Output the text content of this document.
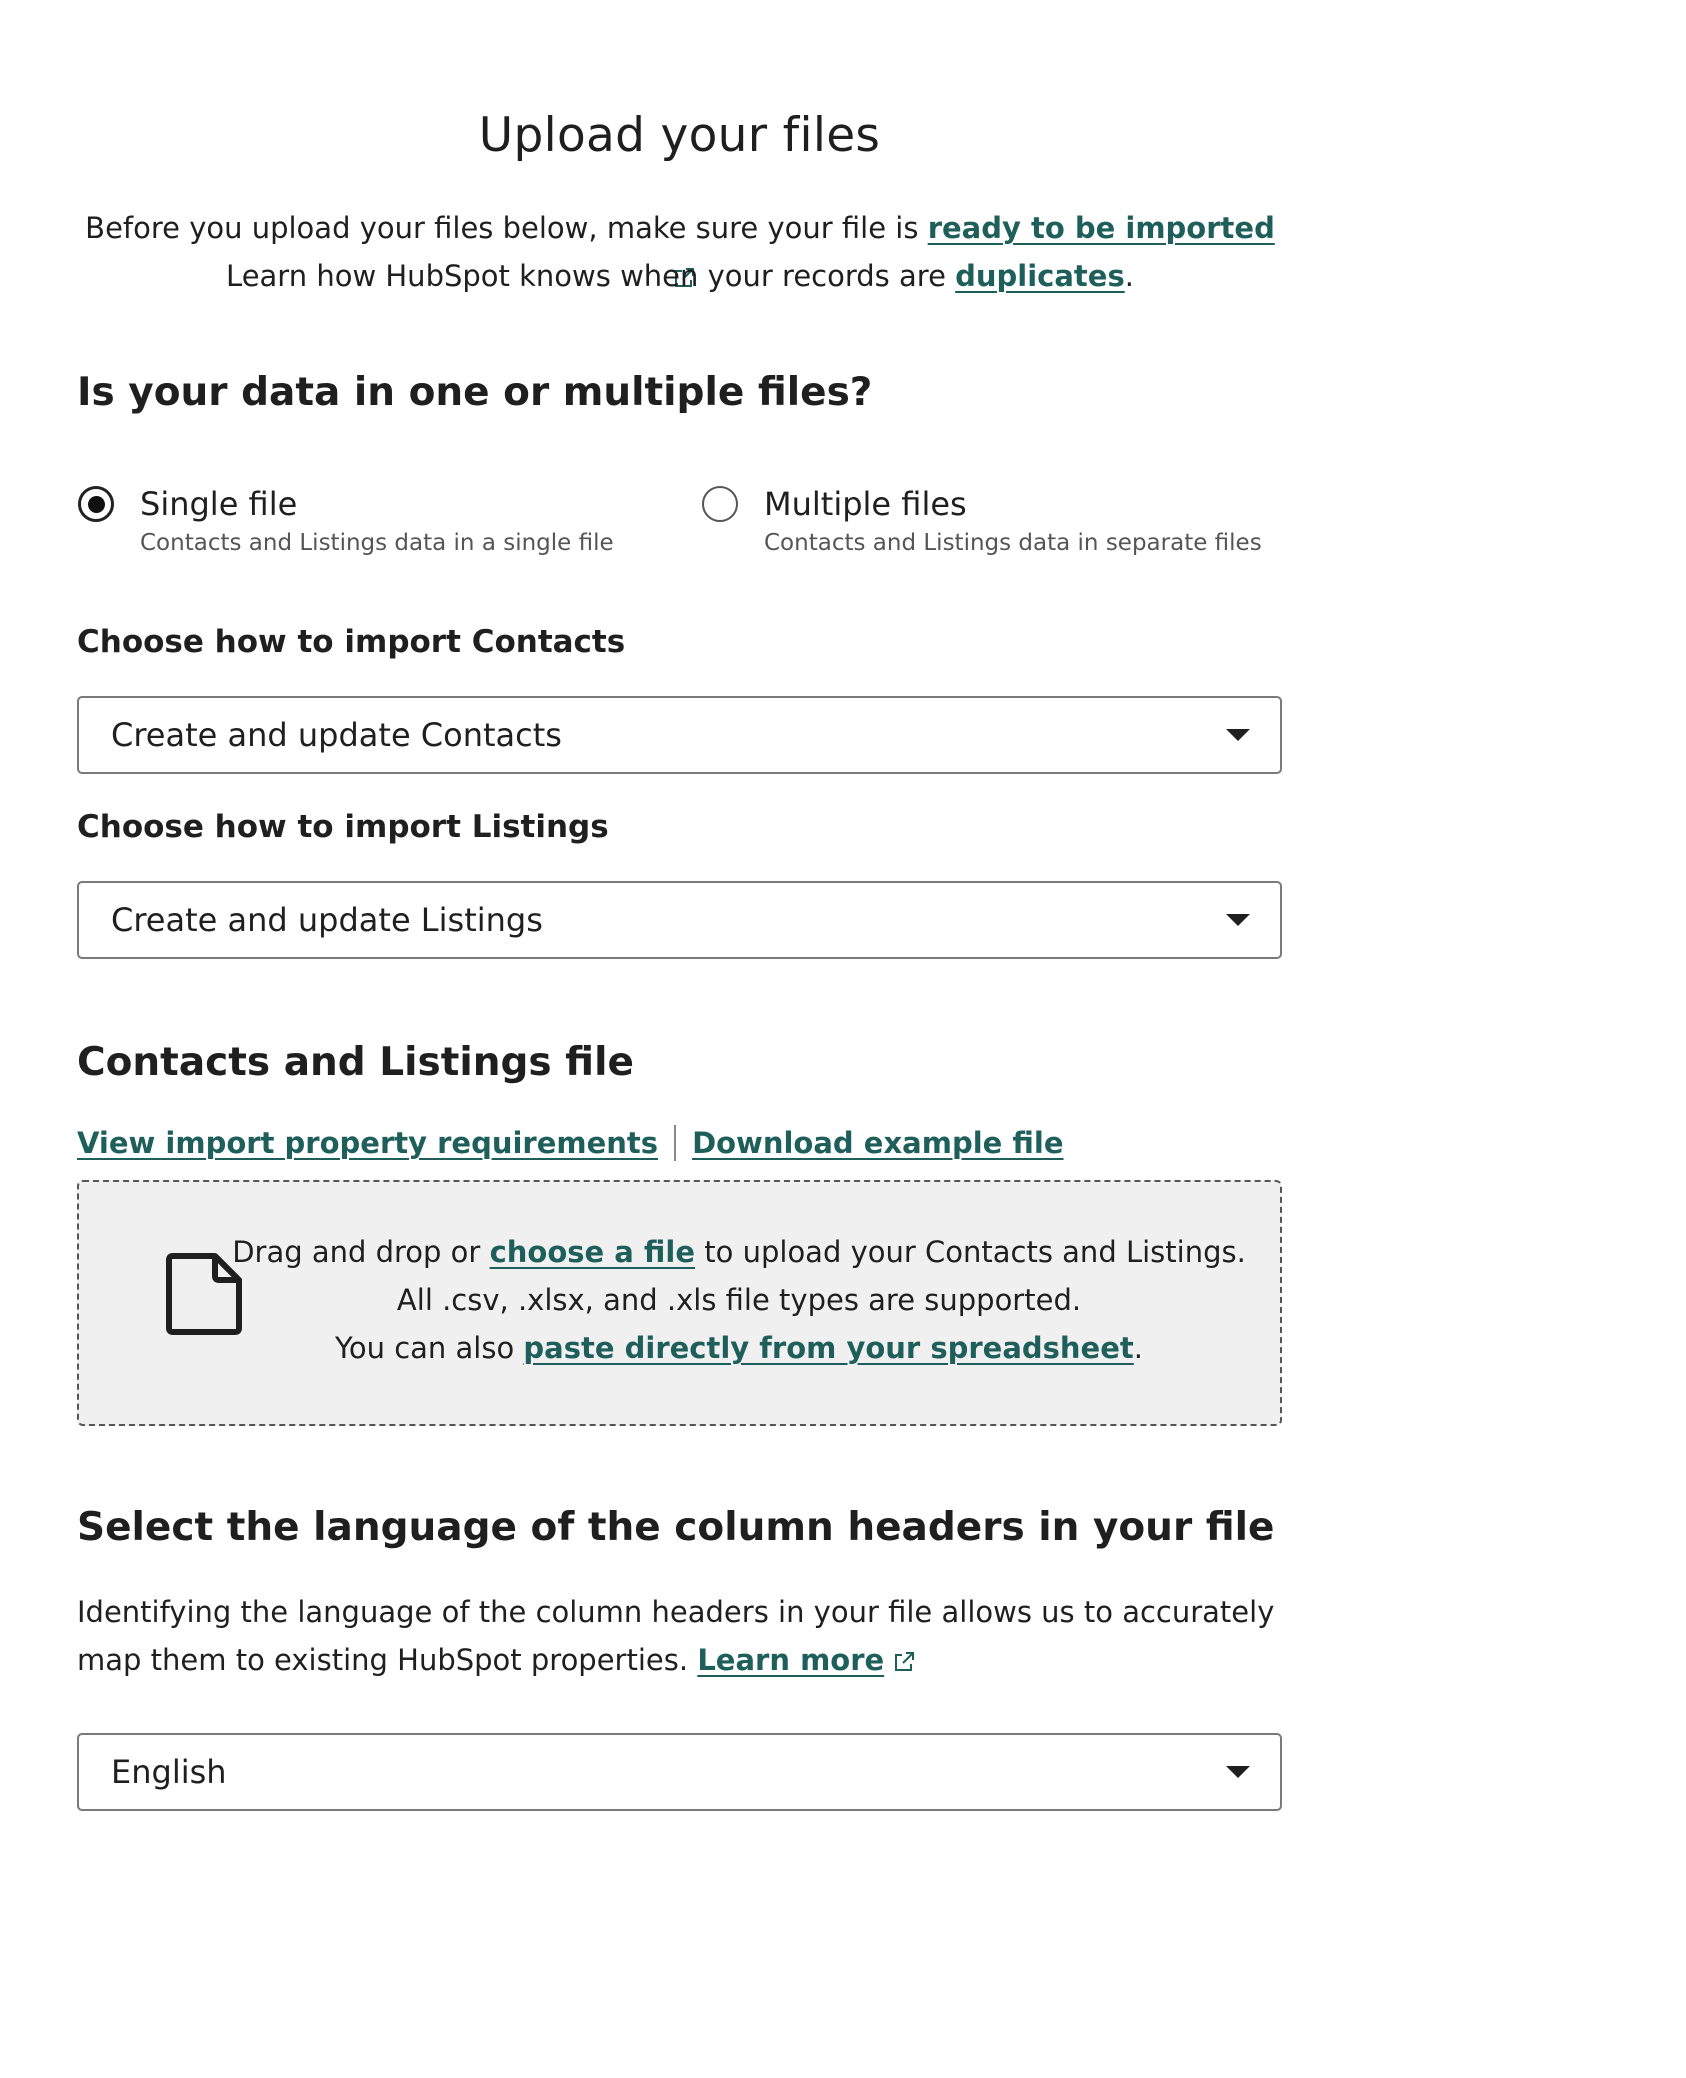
Upload your files
Before you upload your files below, make sure your file is ready to be imported
Learn how HubSpot knows when your records are duplicates.
Is your data in one or multiple files?
Single file
Contacts and Listings data in a single file
Multiple files
Contacts and Listings data in separate files
Choose how to import Contacts
Create and update Contacts
Choose how to import Listings
Create and update Listings
Contacts and Listings file
View import property requirements Download example file
Drag and drop or choose a file to upload your Contacts and Listings.
All .csv, .xlsx, and .xls file types are supported.
You can also paste directly from your spreadsheet.
Select the language of the column headers in your file
Identifying the language of the column headers in your file allows us to accurately map them to existing HubSpot properties. Learn more
English
